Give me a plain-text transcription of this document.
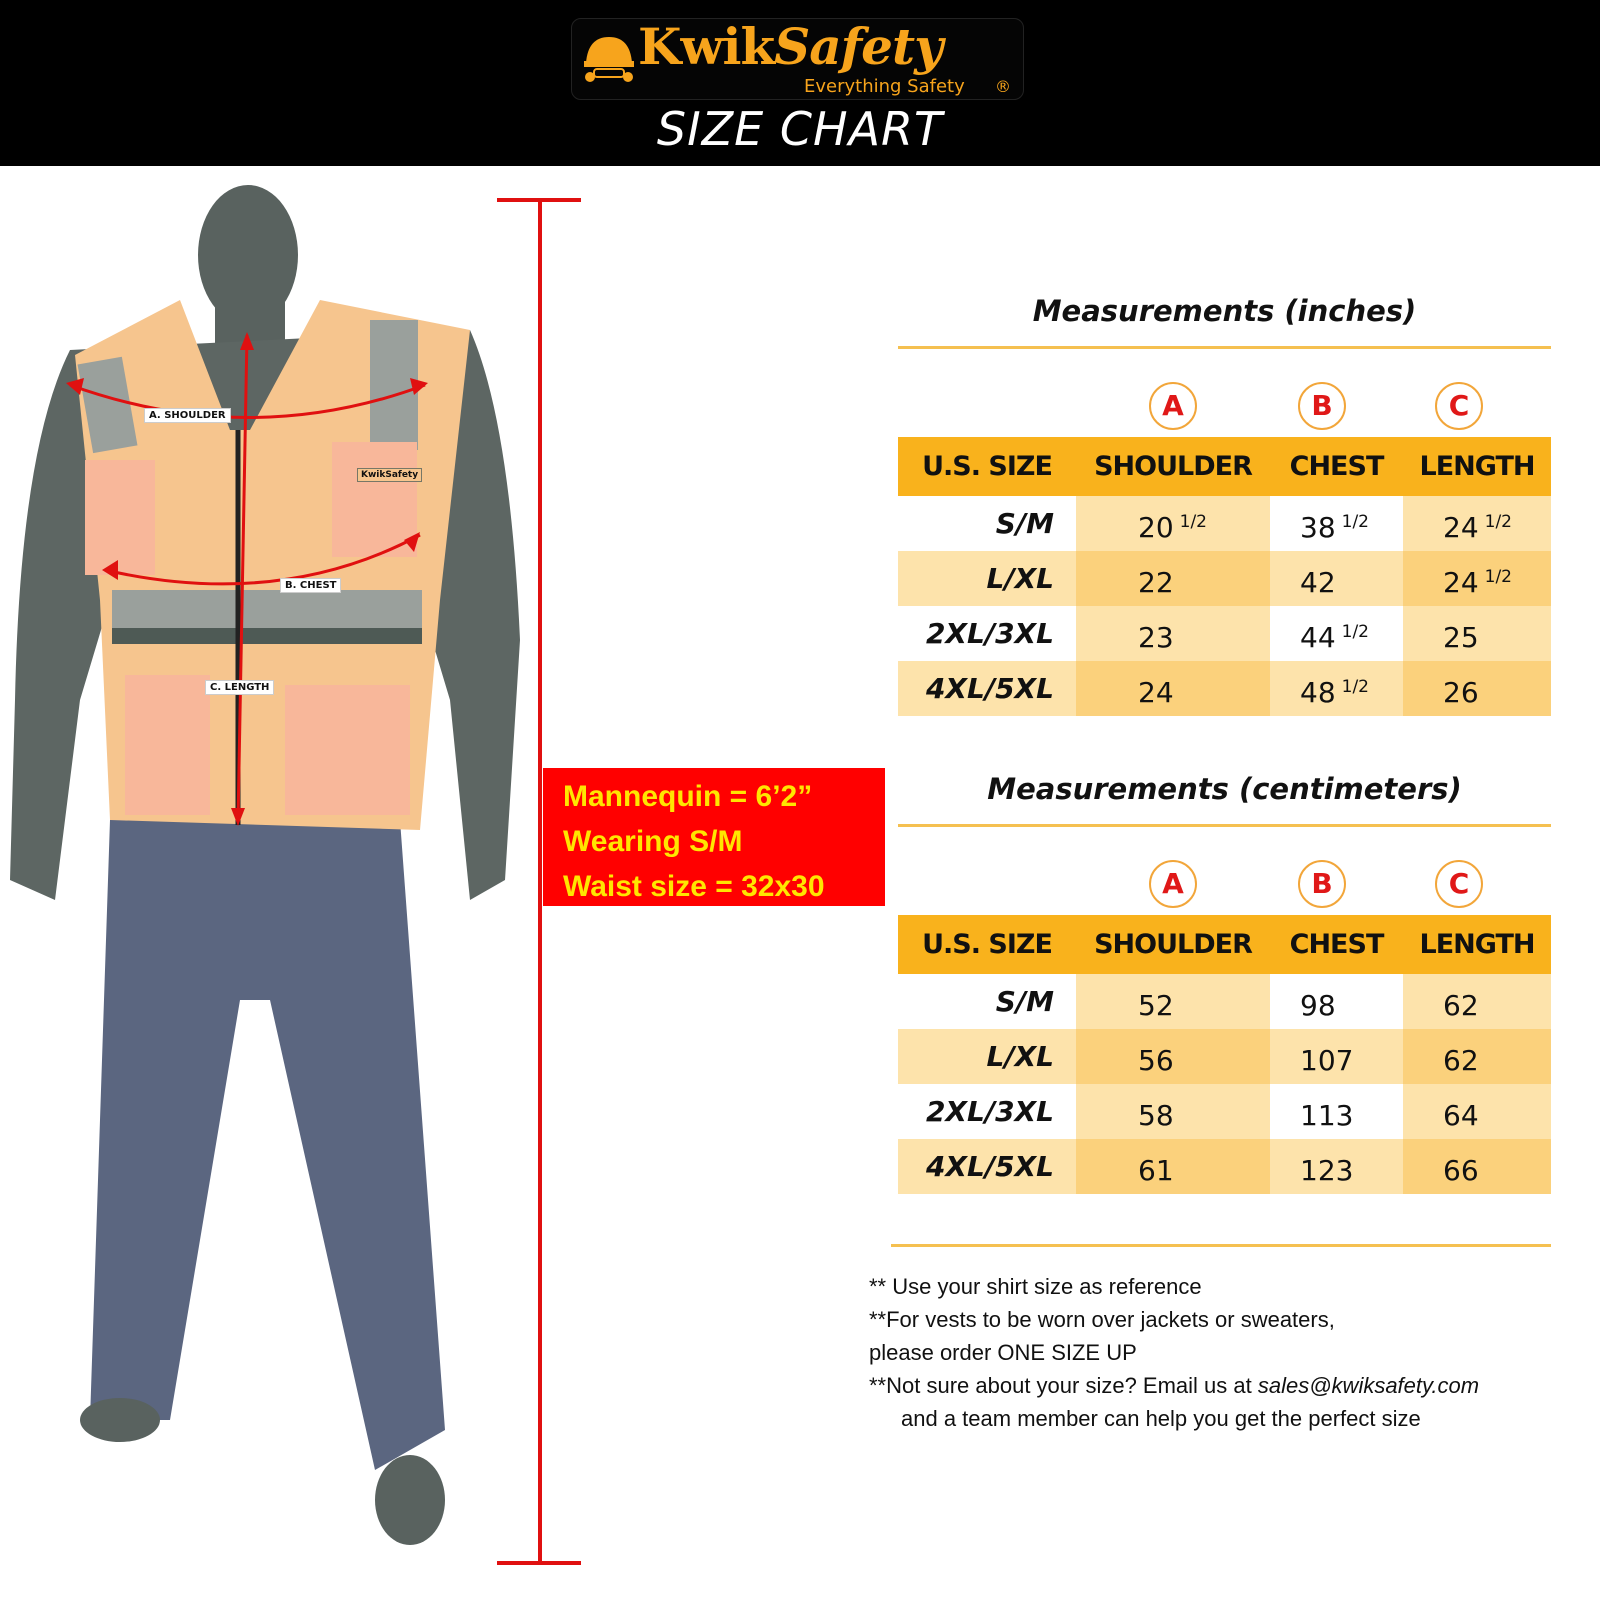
KwikSafety
Everything Safety ®
SIZE CHART
A. SHOULDER
B. CHEST
C. LENGTH
KwikSafety
Mannequin = 6’2”
Wearing S/M
Waist size = 32x30
Measurements (inches)
A	B	C
U.S. SIZE	SHOULDER	CHEST	LENGTH
S/M	20 $^{1/2}$	38 $^{1/2}$	24 $^{1/2}$
L/XL	22	42	24 $^{1/2}$
2XL/3XL	23	44 $^{1/2}$	25
4XL/5XL	24	48 $^{1/2}$	26
Measurements (centimeters)
A	B	C
U.S. SIZE	SHOULDER	CHEST	LENGTH
S/M	52	98	62
L/XL	56	107	62
2XL/3XL	58	113	64
4XL/5XL	61	123	66
** Use your shirt size as reference
**For vests to be worn over jackets or sweaters,
please order ONE SIZE UP
**Not sure about your size? Email us at sales@kwiksafety.com
and a team member can help you get the perfect size
